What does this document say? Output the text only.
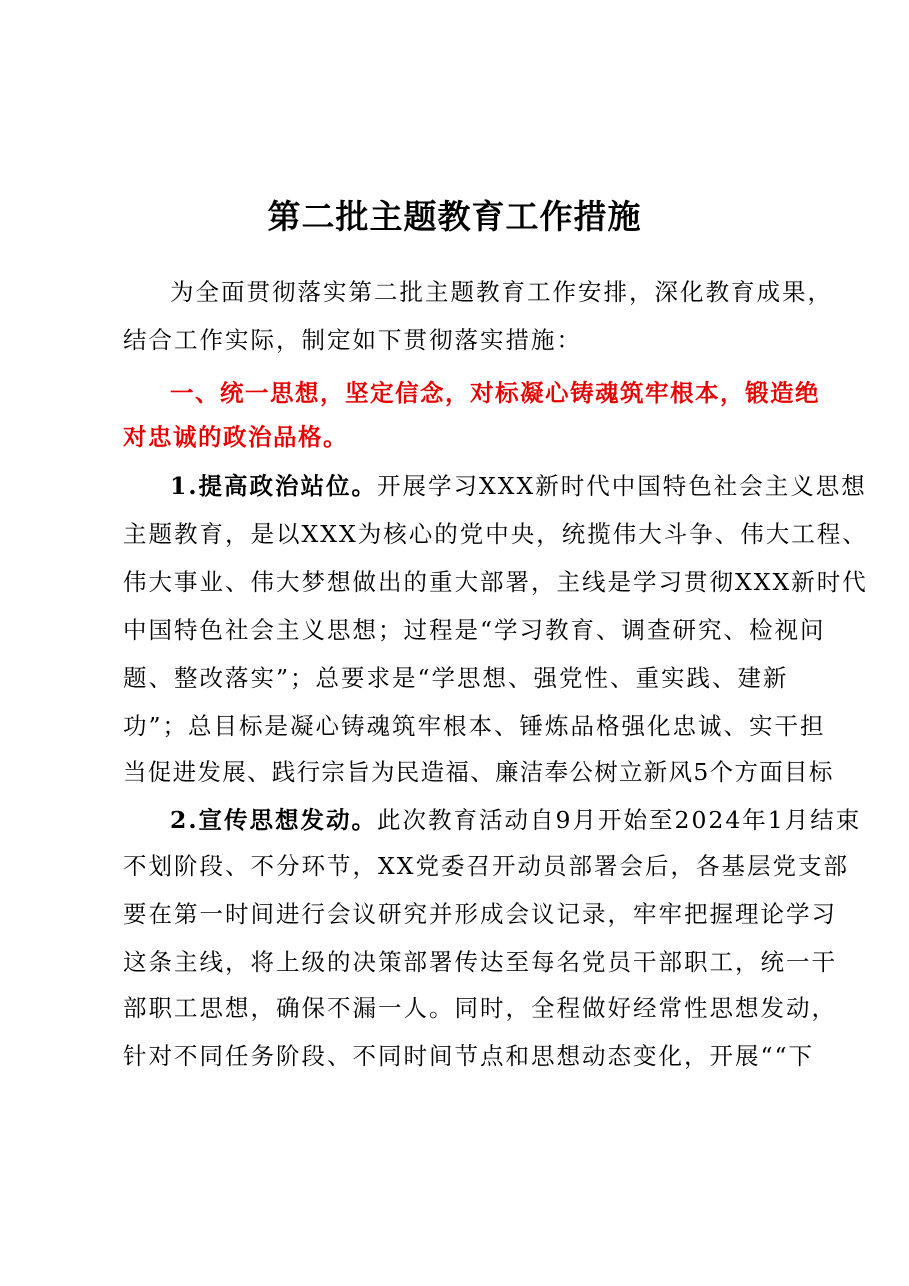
第二批主题教育工作措施
为全面贯彻落实第二批主题教育工作安排，深化教育成果，
结合工作实际，制定如下贯彻落实措施：
一、统一思想，坚定信念，对标凝心铸魂筑牢根本，锻造绝
对忠诚的政治品格。
1.提高政治站位。开展学习XXX新时代中国特色社会主义思想
主题教育，是以XXX为核心的党中央，统揽伟大斗争、伟大工程、
伟大事业、伟大梦想做出的重大部署，主线是学习贯彻XXX新时代
中国特色社会主义思想；过程是“学习教育、调查研究、检视问
题、整改落实”；总要求是“学思想、强党性、重实践、建新
功”；总目标是凝心铸魂筑牢根本、锤炼品格强化忠诚、实干担
当促进发展、践行宗旨为民造福、廉洁奉公树立新风5个方面目标
2.宣传思想发动。此次教育活动自9月开始至2024年1月结束
不划阶段、不分环节，XX党委召开动员部署会后，各基层党支部
要在第一时间进行会议研究并形成会议记录，牢牢把握理论学习
这条主线，将上级的决策部署传达至每名党员干部职工，统一干
部职工思想，确保不漏一人。同时，全程做好经常性思想发动，
针对不同任务阶段、不同时间节点和思想动态变化，开展““下
